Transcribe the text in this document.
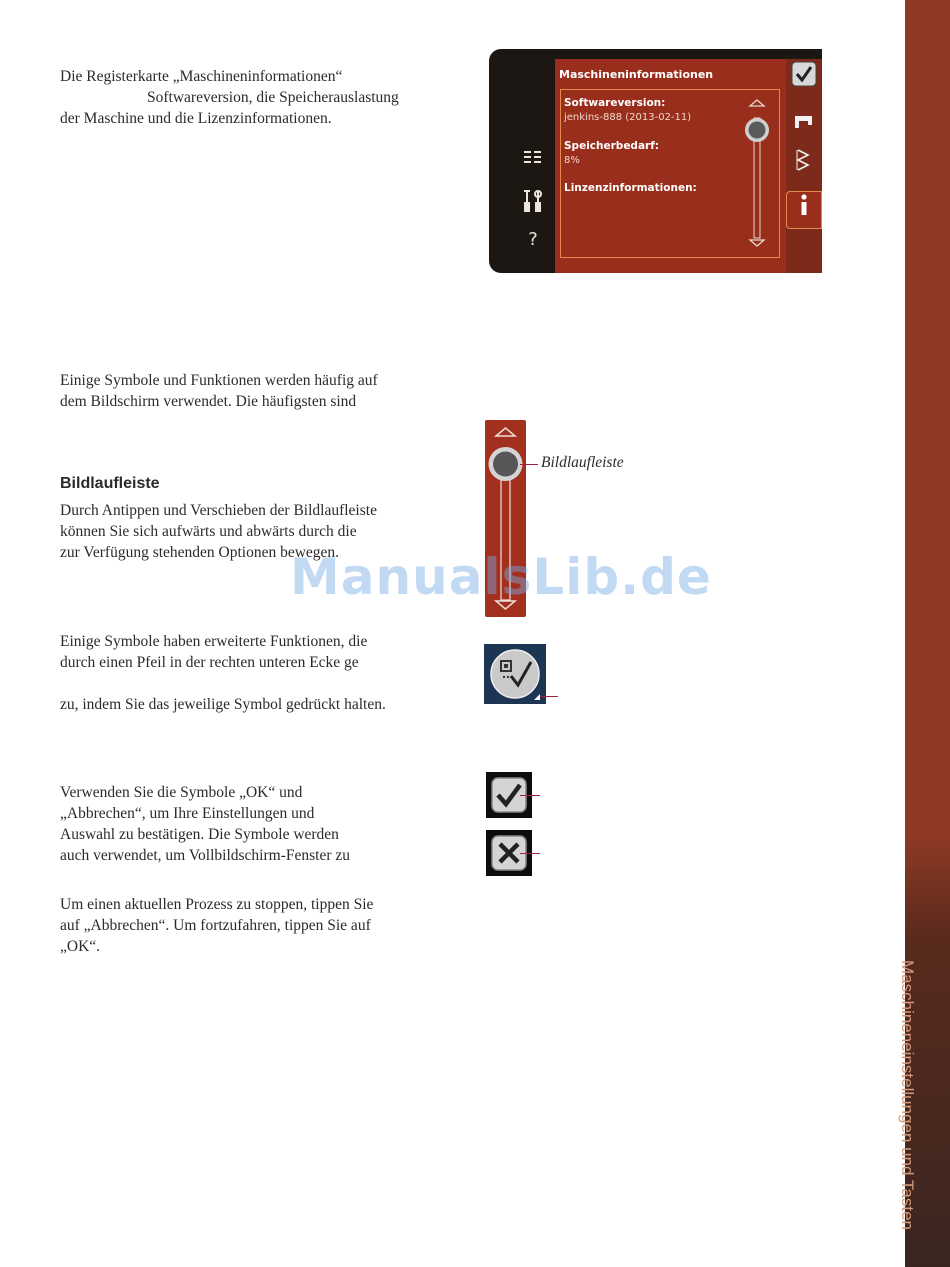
Maschineneinstellungen und Tasten
Die Registerkarte „Maschineninformationen“
Softwareversion, die Speicherauslastung
der Maschine und die Lizenzinformationen.
?
Maschineninformationen
Softwareversion:
jenkins-888 (2013-02-11)
Speicherbedarf:
8%
Linzenzinformationen:
Einige Symbole und Funktionen werden häufig auf
dem Bildschirm verwendet. Die häufigsten sind
Bildlaufleiste
Durch Antippen und Verschieben der Bildlaufleiste
können Sie sich aufwärts und abwärts durch die
zur Verfügung stehenden Optionen bewegen.
Bildlaufleiste
ManualsLib.de
Einige Symbole haben erweiterte Funktionen, die
durch einen Pfeil in der rechten unteren Ecke ge
zu, indem Sie das jeweilige Symbol gedrückt halten.
Verwenden Sie die Symbole „OK“ und
„Abbrechen“, um Ihre Einstellungen und
Auswahl zu bestätigen. Die Symbole werden
auch verwendet, um Vollbildschirm-Fenster zu
Um einen aktuellen Prozess zu stoppen, tippen Sie
auf „Abbrechen“. Um fortzufahren, tippen Sie auf
„OK“.
